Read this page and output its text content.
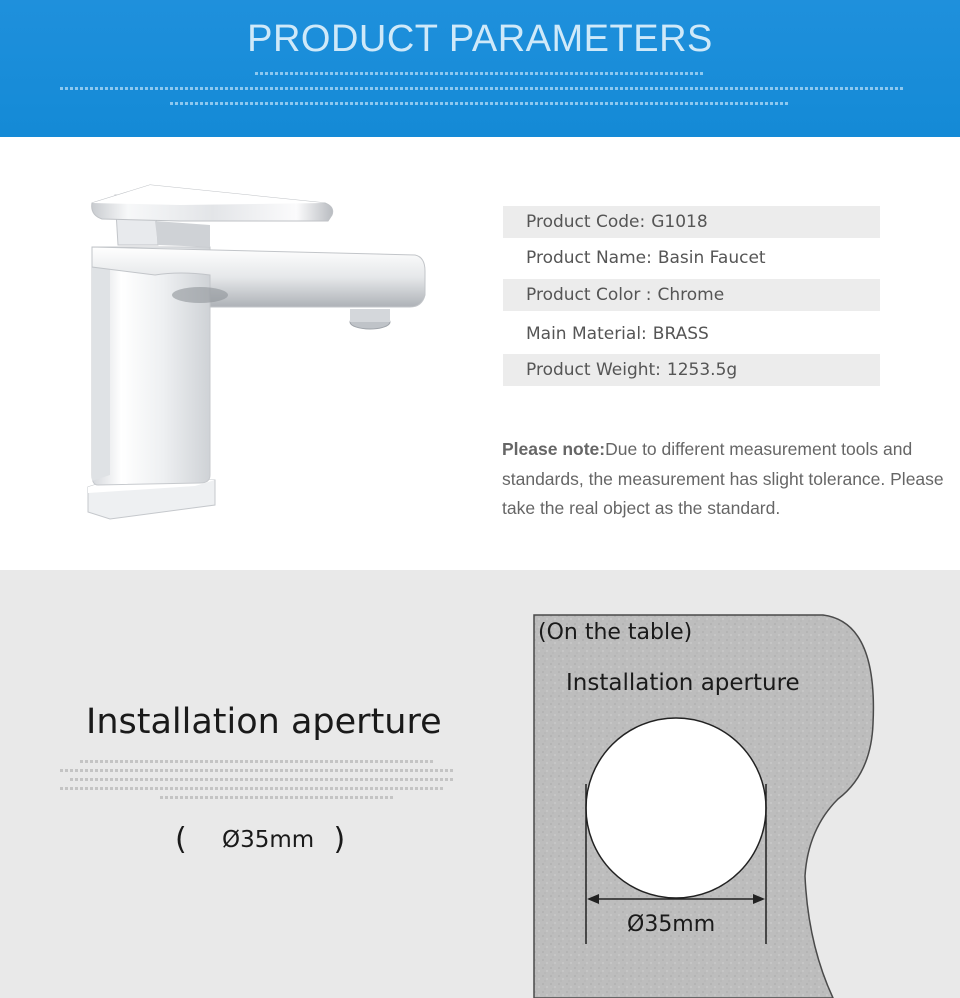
PRODUCT PARAMETERS
Product Code: G1018
Product Name: Basin Faucet
Product Color : Chrome
Main Material: BRASS
Product Weight: 1253.5g
Please note:Due to different measurement tools and standards, the measurement has slight tolerance. Please take the real object as the standard.
Installation aperture
( Ø35mm )
(On the table)
Installation aperture
Ø35mm
